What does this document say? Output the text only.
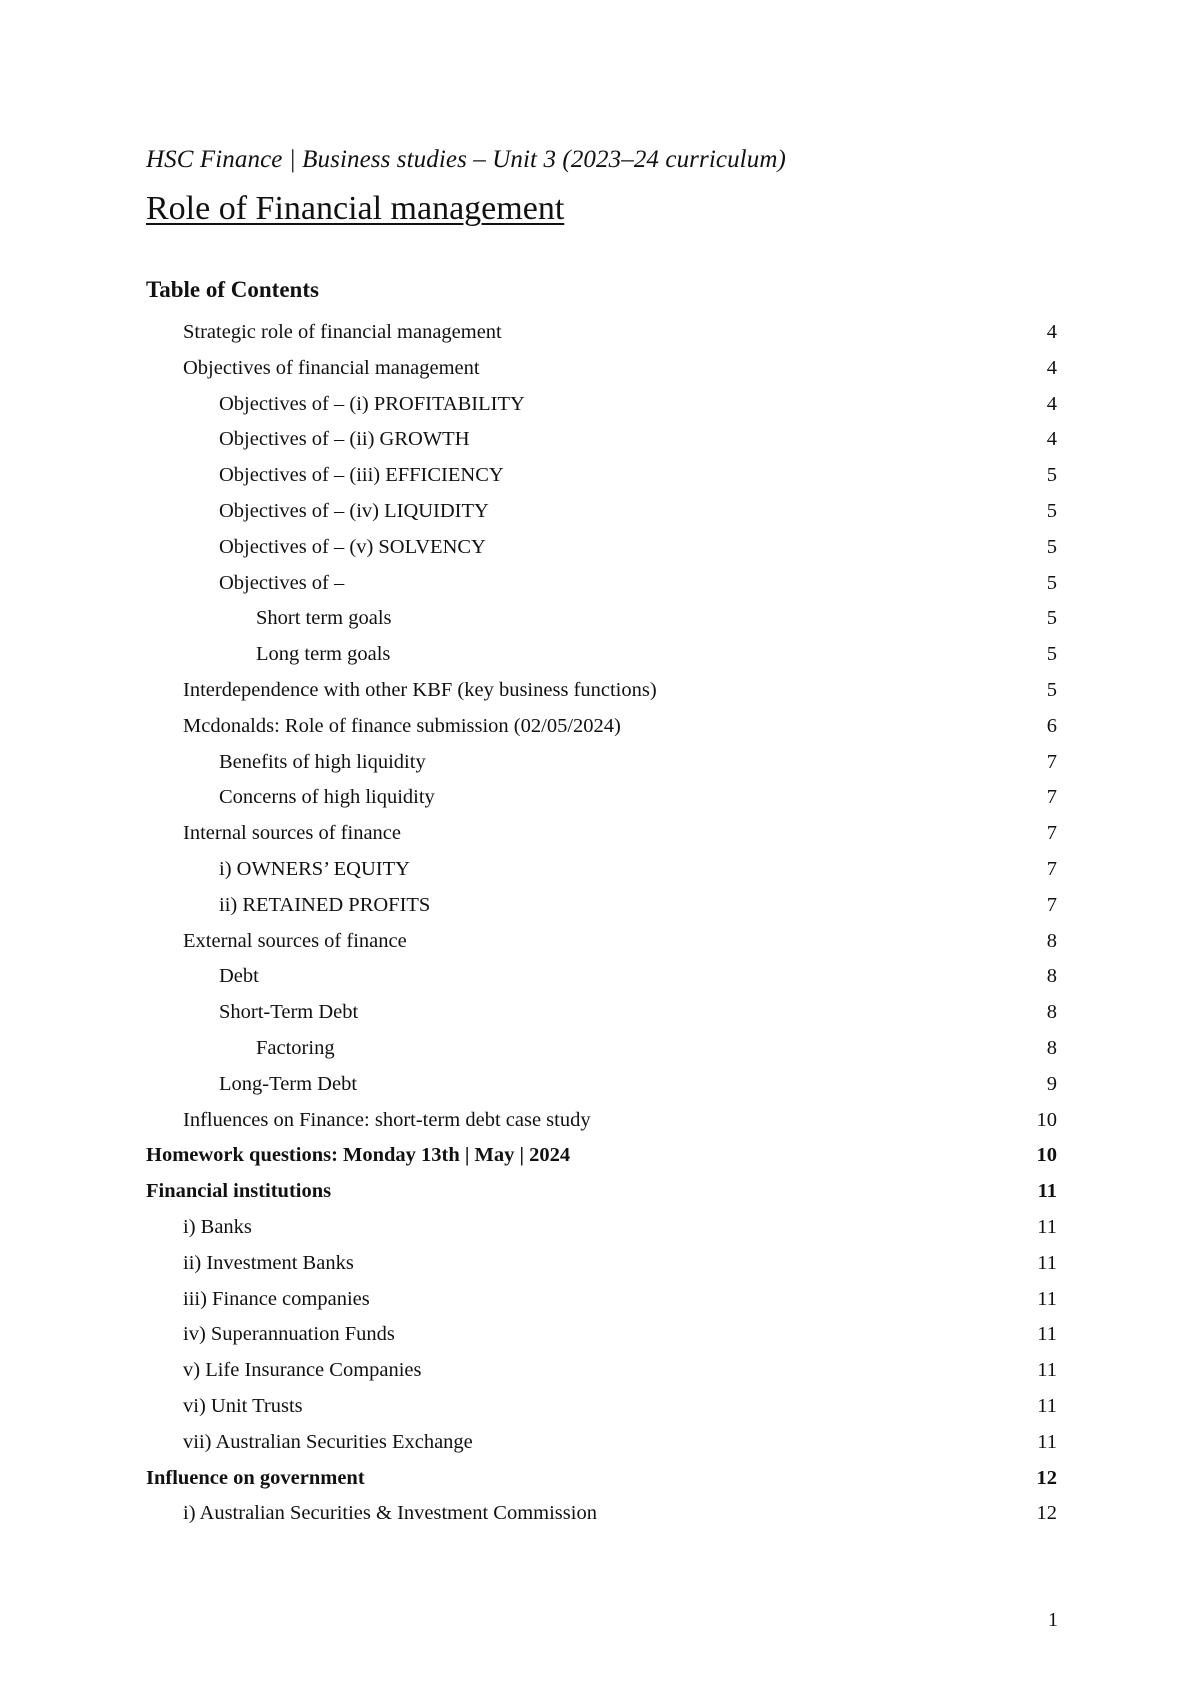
HSC Finance | Business studies – Unit 3 (2023–24 curriculum)
Role of Financial management
Table of Contents
Strategic role of financial management	4
Objectives of financial management	4
Objectives of – (i) PROFITABILITY	4
Objectives of – (ii) GROWTH	4
Objectives of – (iii) EFFICIENCY	5
Objectives of – (iv) LIQUIDITY	5
Objectives of – (v) SOLVENCY	5
Objectives of –	5
Short term goals	5
Long term goals	5
Interdependence with other KBF (key business functions)	5
Mcdonalds: Role of finance submission (02/05/2024)	6
Benefits of high liquidity	7
Concerns of high liquidity	7
Internal sources of finance	7
i) OWNERS’ EQUITY	7
ii) RETAINED PROFITS	7
External sources of finance	8
Debt	8
Short-Term Debt	8
Factoring	8
Long-Term Debt	9
Influences on Finance: short-term debt case study	10
Homework questions: Monday 13th | May | 2024	10
Financial institutions	11
i) Banks	11
ii) Investment Banks	11
iii) Finance companies	11
iv) Superannuation Funds	11
v) Life Insurance Companies	11
vi) Unit Trusts	11
vii) Australian Securities Exchange	11
Influence on government	12
i) Australian Securities & Investment Commission	12
1
